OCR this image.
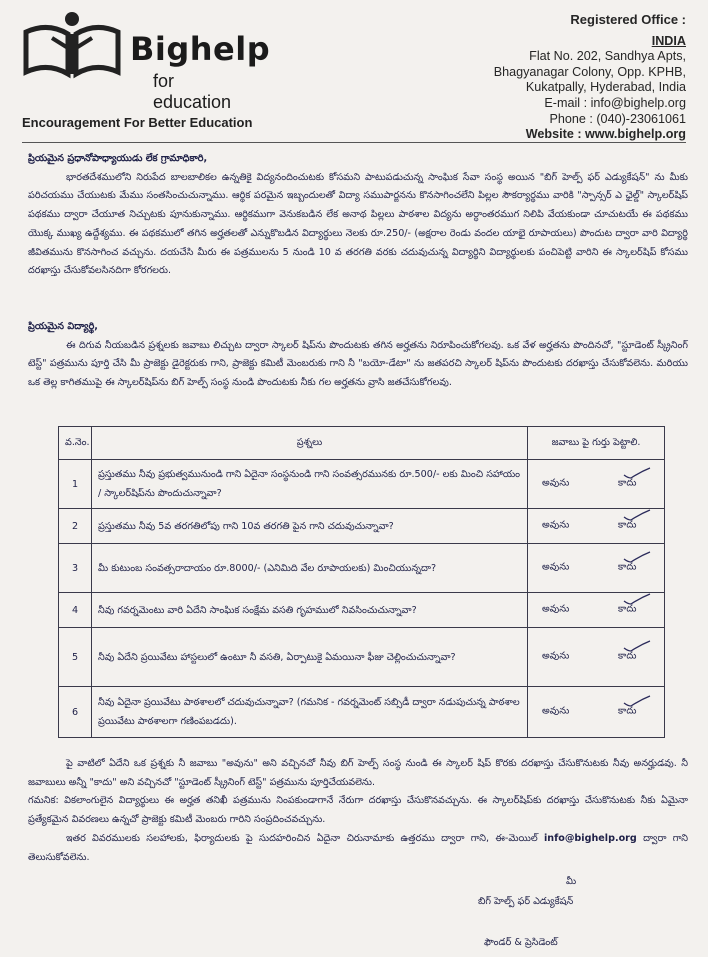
Bighelp
for education
Encouragement For Better Education
Registered Office :
INDIA
Flat No. 202, Sandhya Apts,
Bhagyanagar Colony, Opp. KPHB,
Kukatpally, Hyderabad, India
E-mail : info@bighelp.org
Phone : (040)-23061061
Website : www.bighelp.org
ప్రియమైన ప్రధానోపాధ్యాయుడు లేక గ్రామాధికారి,
భారతదేశములోని నిరుపేద బాలబాలికల ఉన్నతికై విద్యనందించుటకు కోసమని పాటుపడుచున్న సాంఘిక సేవా సంస్థ అయిన "బిగ్ హెల్ప్ ఫర్ ఎడ్యుకేషన్" ను మీకు పరిచయము చేయుటకు మేము సంతసించుచున్నాము. ఆర్థిక పరమైన ఇబ్బందులతో విద్యా సముపార్జనను కొనసాగించలేని పిల్లల సౌకర్యార్థము వారికి "స్పాన్సర్ ఎ ఛైల్డ్" స్కాలర్‌షిప్ పథకము ద్వారా చేయూత నిచ్చుటకు పూనుకున్నాము. ఆర్థికముగా వెనుకబడిన లేక అనాథ పిల్లలు పాఠశాల విద్యను అర్ధాంతరముగ నిలిపి వేయకుండా చూచుటయే ఈ పథకము యొక్క ముఖ్య ఉద్దేశ్యము. ఈ పథకములో తగిన అర్హతలతో ఎన్నుకొబడిన విద్యార్థులు నెలకు రూ.250/- (అక్షరాల రెండు వందల యాభై రూపాయలు) పొందుట ద్వారా వారి విద్యార్థి జీవితమును కొనసాగించ వచ్చును. దయచేసి మీరు ఈ పత్రములను 5 నుండి 10 వ తరగతి వరకు చదువుచున్న విద్యార్థిని విద్యార్థులకు పంచిపెట్టి వారిని ఈ స్కాలర్‌షిప్ కోసము దరఖాస్తు చేసుకోవలసినదిగా కోరగలరు.
ప్రియమైన విద్యార్థి,
ఈ దిగువ నీయబడిన ప్రశ్నలకు జవాబు లిచ్చుట ద్వారా స్కాలర్ షిప్‌ను పొందుటకు తగిన అర్హతను నిరూపించుకోగలవు. ఒక వేళ అర్హతను పొందినచో, "స్టూడెంట్ స్క్రీనింగ్ టెస్ట్" పత్రమును పూర్తి చేసి మీ ప్రాజెక్టు డైరెక్టరుకు గాని, ప్రాజెక్టు కమిటీ మెంబరుకు గాని నీ "బయో-డేటా" ను జతపరచి స్కాలర్ షిప్‌ను పొందుటకు దరఖాస్తు చేసుకోవలెను. మరియు ఒక తెల్ల కాగితముపై ఈ స్కాలర్‌షిప్‌ను బిగ్ హెల్ప్ సంస్థ నుండి పొందుటకు నీకు గల అర్హతను వ్రాసి జతచేసుకోగలవు.
వ.నెం.	ప్రశ్నలు	జవాబు పై గుర్తు పెట్టాలి.
1	ప్రస్తుతము నీవు ప్రభుత్వమునుండి గాని ఏదైనా సంస్థనుండి గాని సంవత్సరమునకు రూ.500/- లకు మించి సహాయం / స్కాలర్‌షిప్‌ను పొందుచున్నావా?	అవును కాదు

2	ప్రస్తుతము నీవు 5వ తరగతిలోపు గాని 10వ తరగతి పైన గాని చదువుచున్నావా?	అవును కాదు

3	మీ కుటుంబ సంవత్సరాదాయం రూ.8000/- (ఎనిమిది వేల రూపాయలకు) మించియున్నదా?	అవును కాదు

4	నీవు గవర్నమెంటు వారి ఏదేని సాంఘిక సంక్షేమ వసతి గృహములో నివసించుచున్నావా?	అవును కాదు

5	నీవు ఏదేని ప్రయివేటు హాస్టలులో ఉంటూ నీ వసతి, ఏర్పాటుకై ఏమయినా ఫీజు చెల్లించుచున్నావా?	అవును కాదు

6	నీవు ఏదైనా ప్రయివేటు పాఠశాలలో చదువుచున్నావా? (గమనిక - గవర్నమెంట్ సబ్సిడీ ద్వారా నడుపుచున్న పాఠశాల ప్రయివేటు పాఠశాలగా గణింపబడదు).	అవును కాదు
పై వాటిలో ఏదేని ఒక ప్రశ్నకు నీ జవాబు "అవును" అని వచ్చినచో నీవు బిగ్ హెల్ప్ సంస్థ నుండి ఈ స్కాలర్ షిప్ కొరకు దరఖాస్తు చేసుకొనుటకు నీవు అనర్హుడవు. నీ జవాబులు అన్నీ "కాదు" అని వచ్చినచో "స్టూడెంట్ స్క్రీనింగ్ టెస్ట్" పత్రమును పూర్తిచేయవలెను.
గమనిక: వికలాంగులైన విద్యార్థులు ఈ అర్హత తనిఖీ పత్రమును నింపకుండాగానే నేరుగా దరఖాస్తు చేసుకొనవచ్చును. ఈ స్కాలర్‌షిప్‌కు దరఖాస్తు చేసుకొనుటకు నీకు ఏమైనా ప్రత్యేకమైన వివరణలు ఉన్నచో ప్రాజెక్టు కమిటీ మెంబరు గారిని సంప్రదించవచ్చును.
ఇతర వివరములకు సలహాలకు, ఫిర్యాదులకు పై సుదహరించిన ఏదైనా చిరునామాకు ఉత్తరము ద్వారా గాని, ఈ-మెయిల్ info@bighelp.org ద్వారా గాని తెలుసుకోవలెను.
మీ
బిగ్ హెల్ప్ ఫర్ ఎడ్యుకేషన్
ఫౌండర్ & ప్రెసిడెంట్
